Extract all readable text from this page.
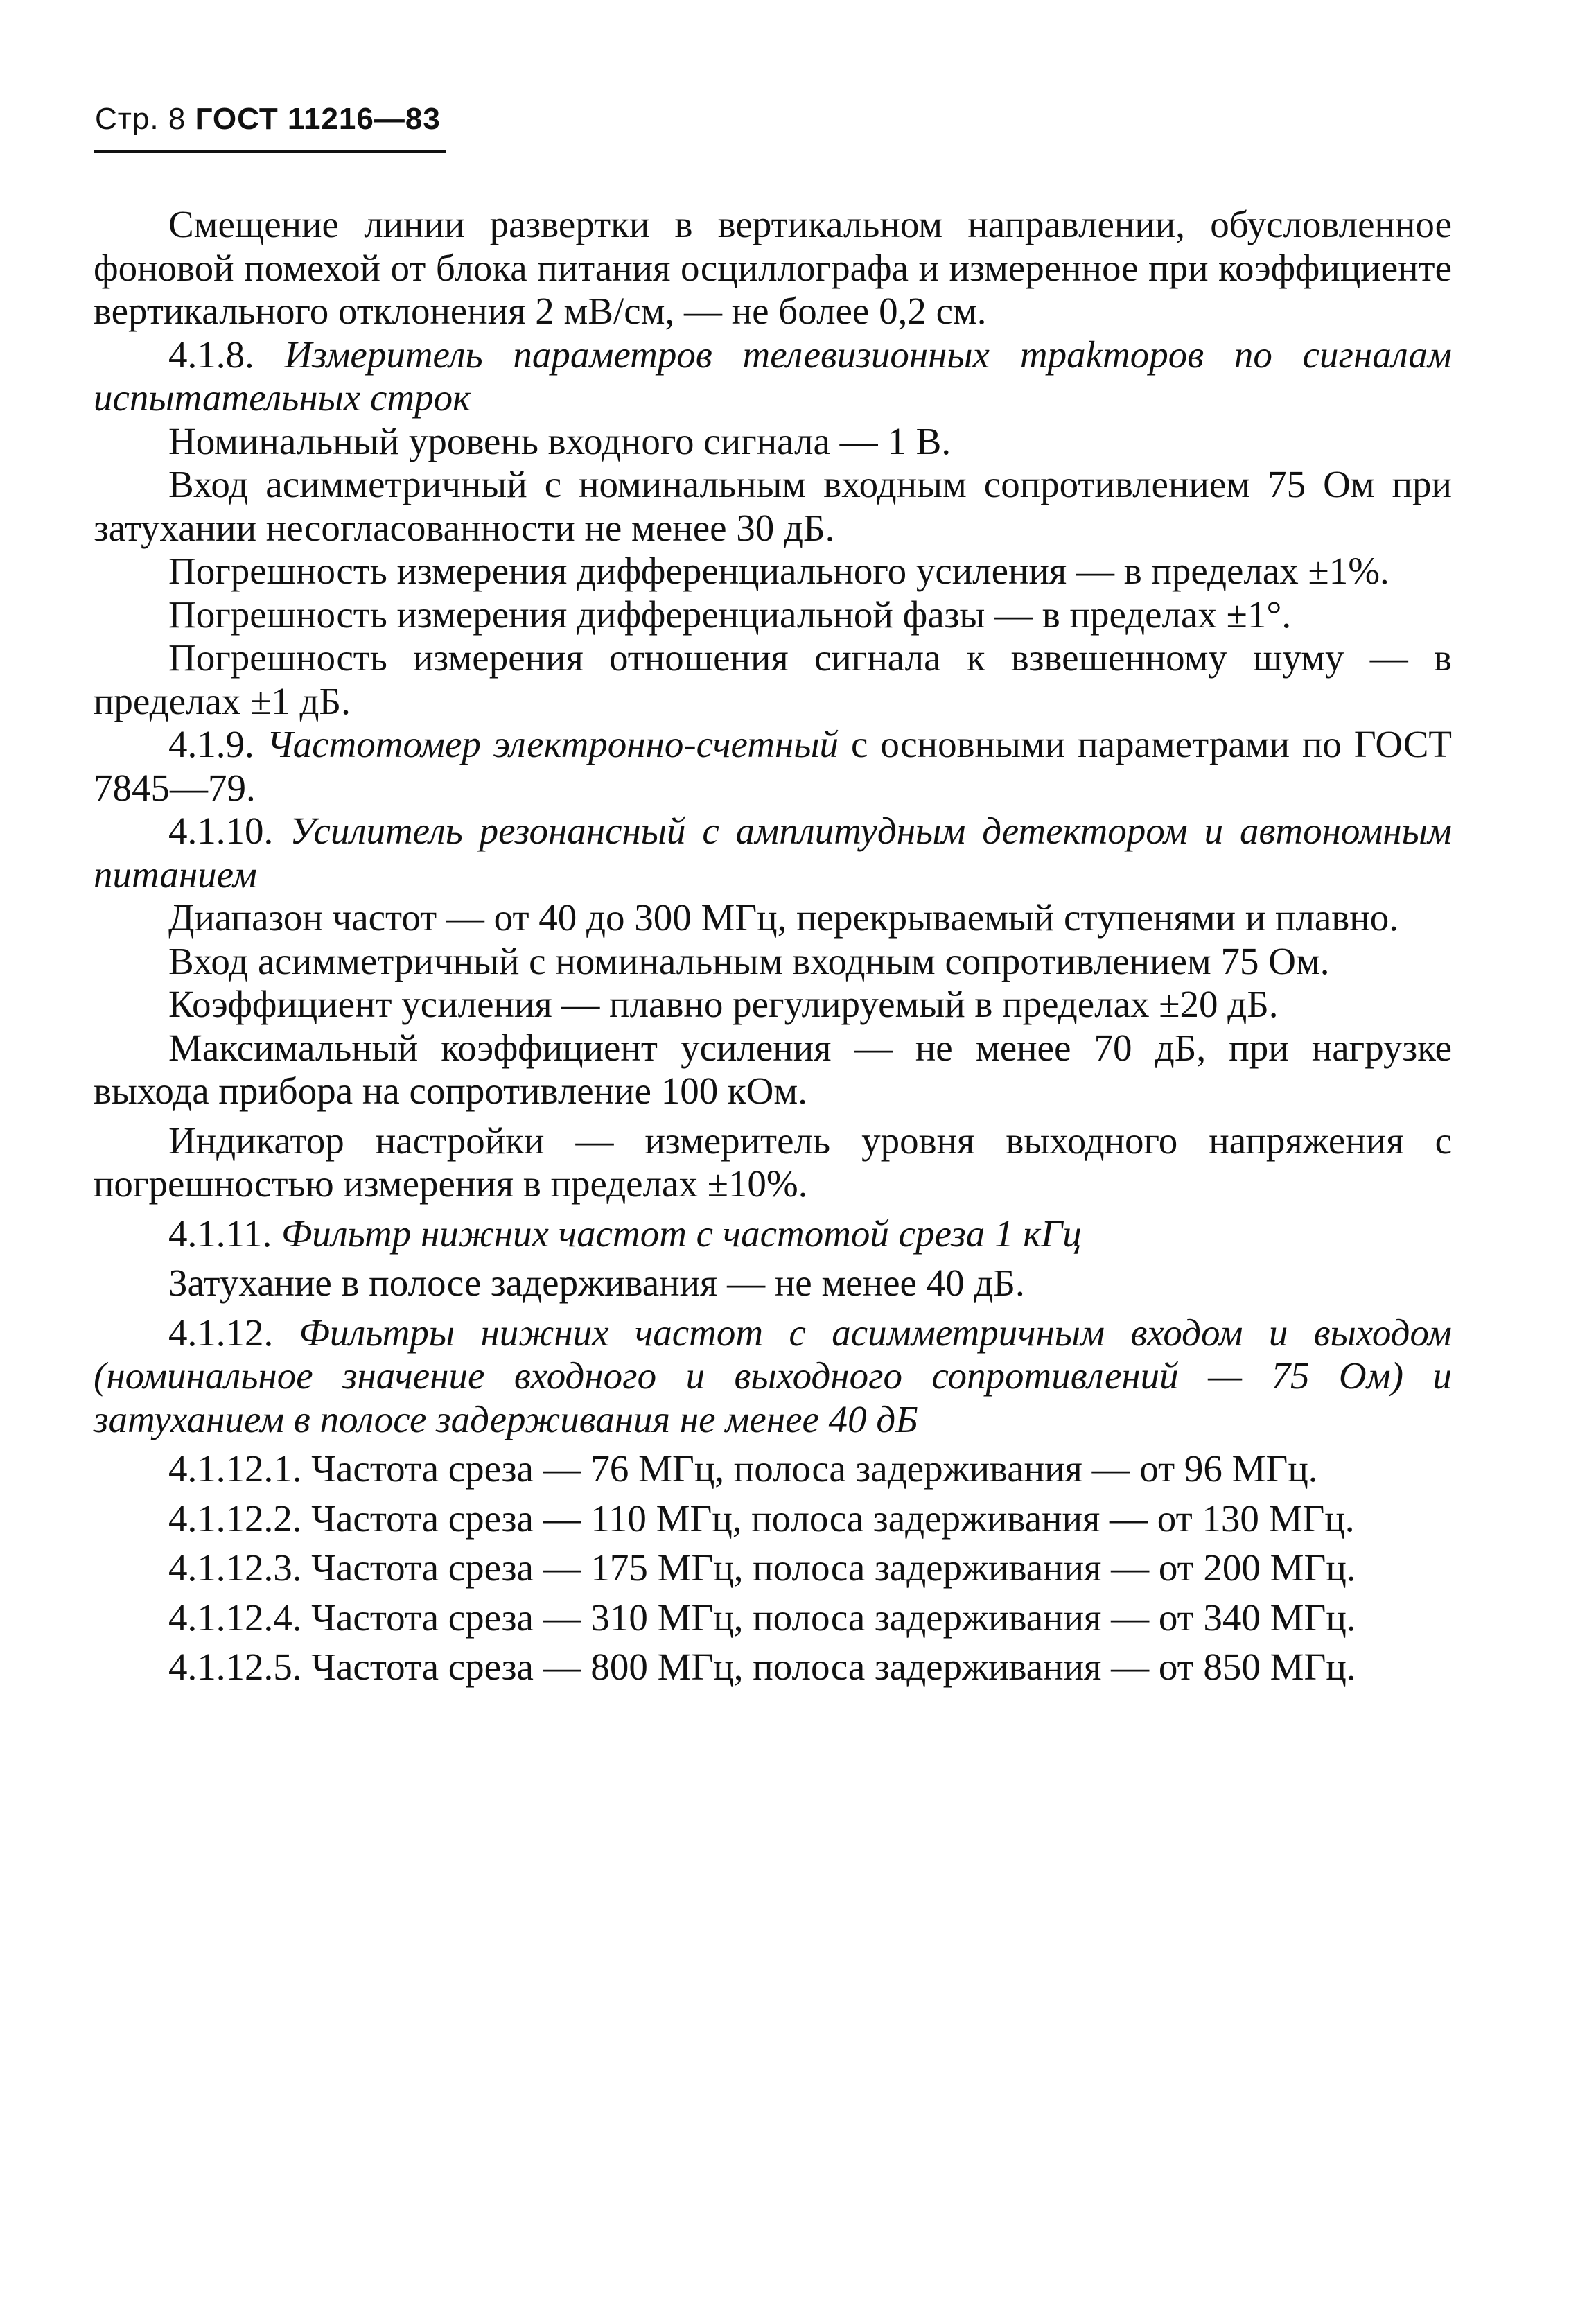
Стр. 8 ГОСТ 11216—83

Смещение линии развертки в вертикальном направлении, обусловленное фоновой помехой от блока питания осциллографа и измеренное при коэффициенте вертикального отклонения 2 мВ/см, — не более 0,2 см.

4.1.8. Измеритель параметров телевизионных трakторов по сигналам испытательных строк

Номинальный уровень входного сигнала — 1 В.

Вход асимметричный с номинальным входным сопротивлением 75 Ом при затухании несогласованности не менее 30 дБ.

Погрешность измерения дифференциального усиления — в пределах ±1%.

Погрешность измерения дифференциальной фазы — в пределах ±1°.

Погрешность измерения отношения сигнала к взвешенному шуму — в пределах ±1 дБ.

4.1.9. Частотомер электронно-счетный с основными параметрами по ГОСТ 7845—79.

4.1.10. Усилитель резонансный с амплитудным детектором и автономным питанием

Диапазон частот — от 40 до 300 МГц, перекрываемый ступенями и плавно.

Вход асимметричный с номинальным входным сопротивлением 75 Ом.

Коэффициент усиления — плавно регулируемый в пределах ±20 дБ.

Максимальный коэффициент усиления — не менее 70 дБ, при нагрузке выхода прибора на сопротивление 100 кОм.

Индикатор настройки — измеритель уровня выходного напряжения с погрешностью измерения в пределах ±10%.

4.1.11. Фильтр нижних частот с частотой среза 1 кГц

Затухание в полосе задерживания — не менее 40 дБ.

4.1.12. Фильтры нижних частот с асимметричным входом и выходом (номинальное значение входного и выходного сопротивлений — 75 Ом) и затуханием в полосе задерживания не менее 40 дБ

4.1.12.1. Частота среза — 76 МГц, полоса задерживания — от 96 МГц.

4.1.12.2. Частота среза — 110 МГц, полоса задерживания — от 130 МГц.

4.1.12.3. Частота среза — 175 МГц, полоса задерживания — от 200 МГц.

4.1.12.4. Частота среза — 310 МГц, полоса задерживания — от 340 МГц.

4.1.12.5. Частота среза — 800 МГц, полоса задерживания — от 850 МГц.
